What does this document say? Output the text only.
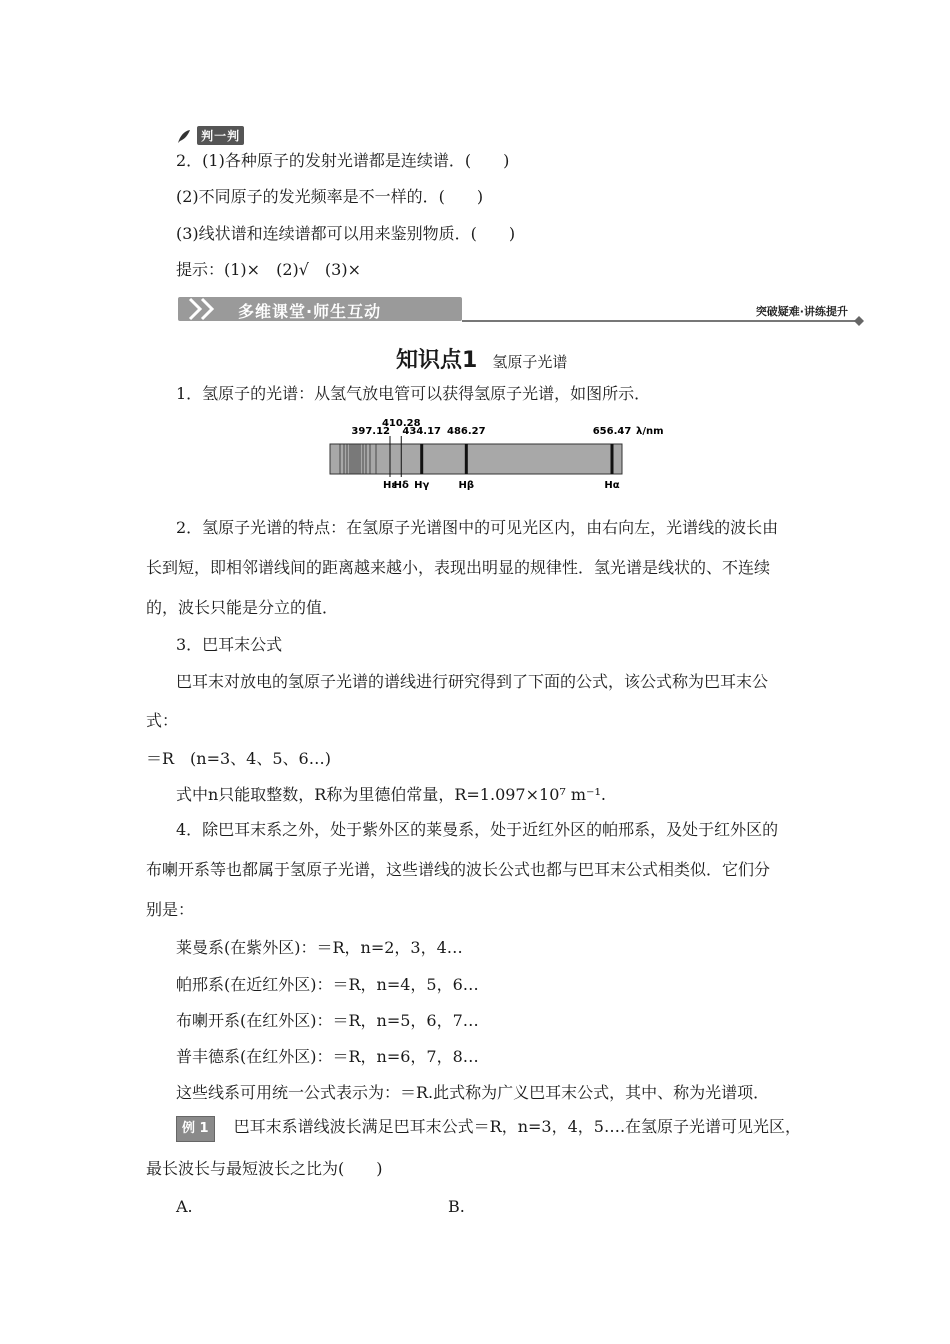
判一判
2．(1)各种原子的发射光谱都是连续谱．(　　)
(2)不同原子的发光频率是不一样的．(　　)
(3)线状谱和连续谱都可以用来鉴别物质．(　　)
提示：(1)×　(2)√　(3)×
多维课堂·师生互动	突破疑难·讲练提升
知识点1 氢原子光谱
1．氢原子的光谱：从氢气放电管可以获得氢原子光谱，如图所示．
397.12
Hε
410.28
Hδ
434.17
Hγ
486.27
Hβ
656.47
Hα
λ/nm
2．氢原子光谱的特点：在氢原子光谱图中的可见光区内，由右向左，光谱线的波长由
长到短，即相邻谱线间的距离越来越小，表现出明显的规律性．氢光谱是线状的、不连续
的，波长只能是分立的值．
3．巴耳末公式
巴耳末对放电的氢原子光谱的谱线进行研究得到了下面的公式，该公式称为巴耳末公
式：
＝R　(n=3、4、5、6…)
式中n只能取整数，R称为里德伯常量，R=1.097×10⁷ m⁻¹.
4．除巴耳末系之外，处于紫外区的莱曼系，处于近红外区的帕邢系，及处于红外区的
布喇开系等也都属于氢原子光谱，这些谱线的波长公式也都与巴耳末公式相类似．它们分
别是：
莱曼系(在紫外区)：＝R，n=2，3，4…
帕邢系(在近红外区)：＝R，n=4，5，6…
布喇开系(在红外区)：＝R，n=5，6，7…
普丰德系(在红外区)：＝R，n=6，7，8…
这些线系可用统一公式表示为：＝R.此式称为广义巴耳末公式，其中、称为光谱项．
例 1 巴耳末系谱线波长满足巴耳末公式＝R，n=3，4，5….在氢原子光谱可见光区，
最长波长与最短波长之比为(　　)
A.	B.
